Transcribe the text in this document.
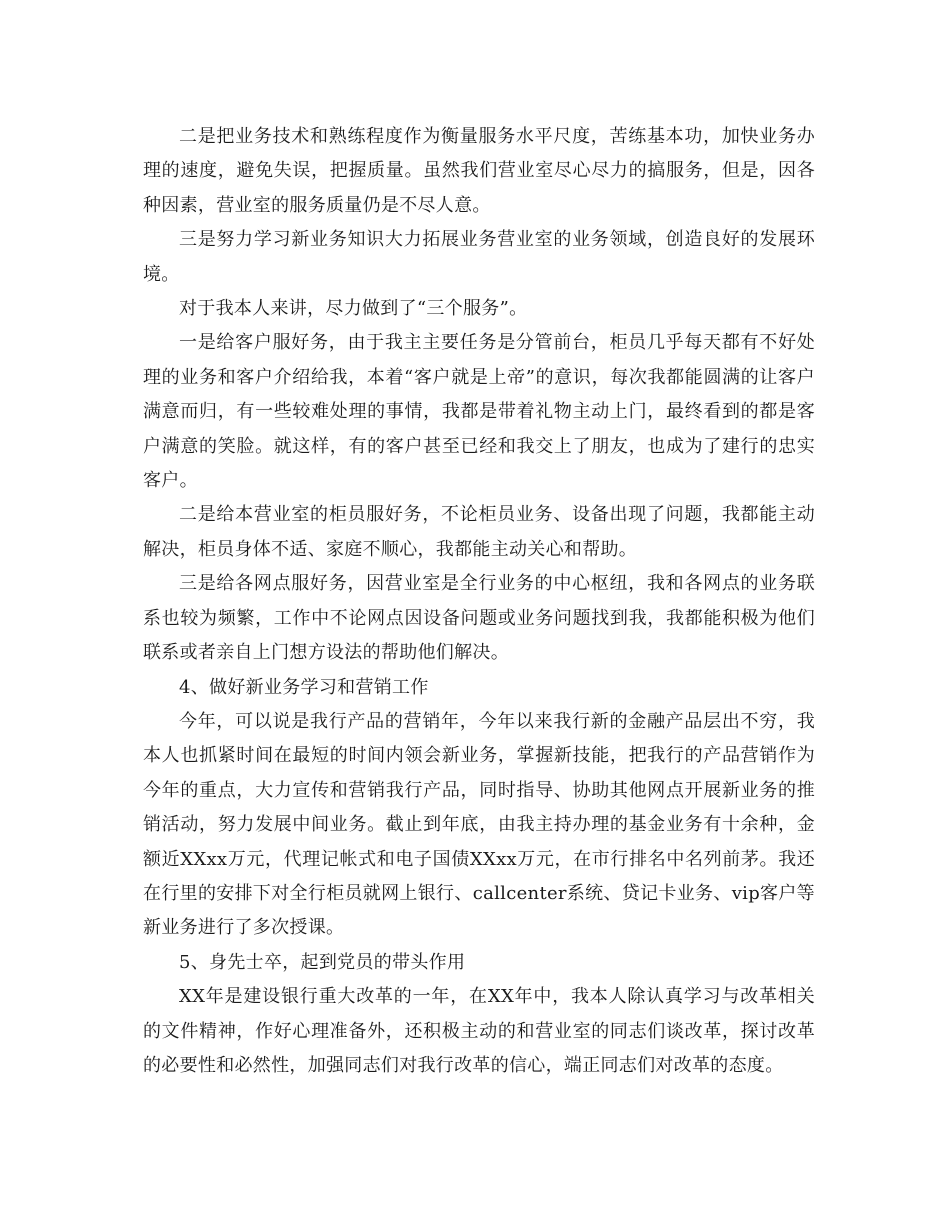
二是把业务技术和熟练程度作为衡量服务水平尺度，苦练基本功，加快业务办理的速度，避免失误，把握质量。虽然我们营业室尽心尽力的搞服务，但是，因各种因素，营业室的服务质量仍是不尽人意。

三是努力学习新业务知识大力拓展业务营业室的业务领域，创造良好的发展环境。

对于我本人来讲，尽力做到了“三个服务”。

一是给客户服好务，由于我主主要任务是分管前台，柜员几乎每天都有不好处理的业务和客户介绍给我，本着“客户就是上帝”的意识，每次我都能圆满的让客户满意而归，有一些较难处理的事情，我都是带着礼物主动上门，最终看到的都是客户满意的笑脸。就这样，有的客户甚至已经和我交上了朋友，也成为了建行的忠实客户。

二是给本营业室的柜员服好务，不论柜员业务、设备出现了问题，我都能主动解决，柜员身体不适、家庭不顺心，我都能主动关心和帮助。

三是给各网点服好务，因营业室是全行业务的中心枢纽，我和各网点的业务联系也较为频繁，工作中不论网点因设备问题或业务问题找到我，我都能积极为他们联系或者亲自上门想方设法的帮助他们解决。

4、做好新业务学习和营销工作

今年，可以说是我行产品的营销年，今年以来我行新的金融产品层出不穷，我本人也抓紧时间在最短的时间内领会新业务，掌握新技能，把我行的产品营销作为今年的重点，大力宣传和营销我行产品，同时指导、协助其他网点开展新业务的推销活动，努力发展中间业务。截止到年底，由我主持办理的基金业务有十余种，金额近XXxx万元，代理记帐式和电子国债XXxx万元，在市行排名中名列前茅。我还在行里的安排下对全行柜员就网上银行、callcenter系统、贷记卡业务、vip客户等新业务进行了多次授课。

5、身先士卒，起到党员的带头作用

XX年是建设银行重大改革的一年，在XX年中，我本人除认真学习与改革相关的文件精神，作好心理准备外，还积极主动的和营业室的同志们谈改革，探讨改革的必要性和必然性，加强同志们对我行改革的信心，端正同志们对改革的态度。
